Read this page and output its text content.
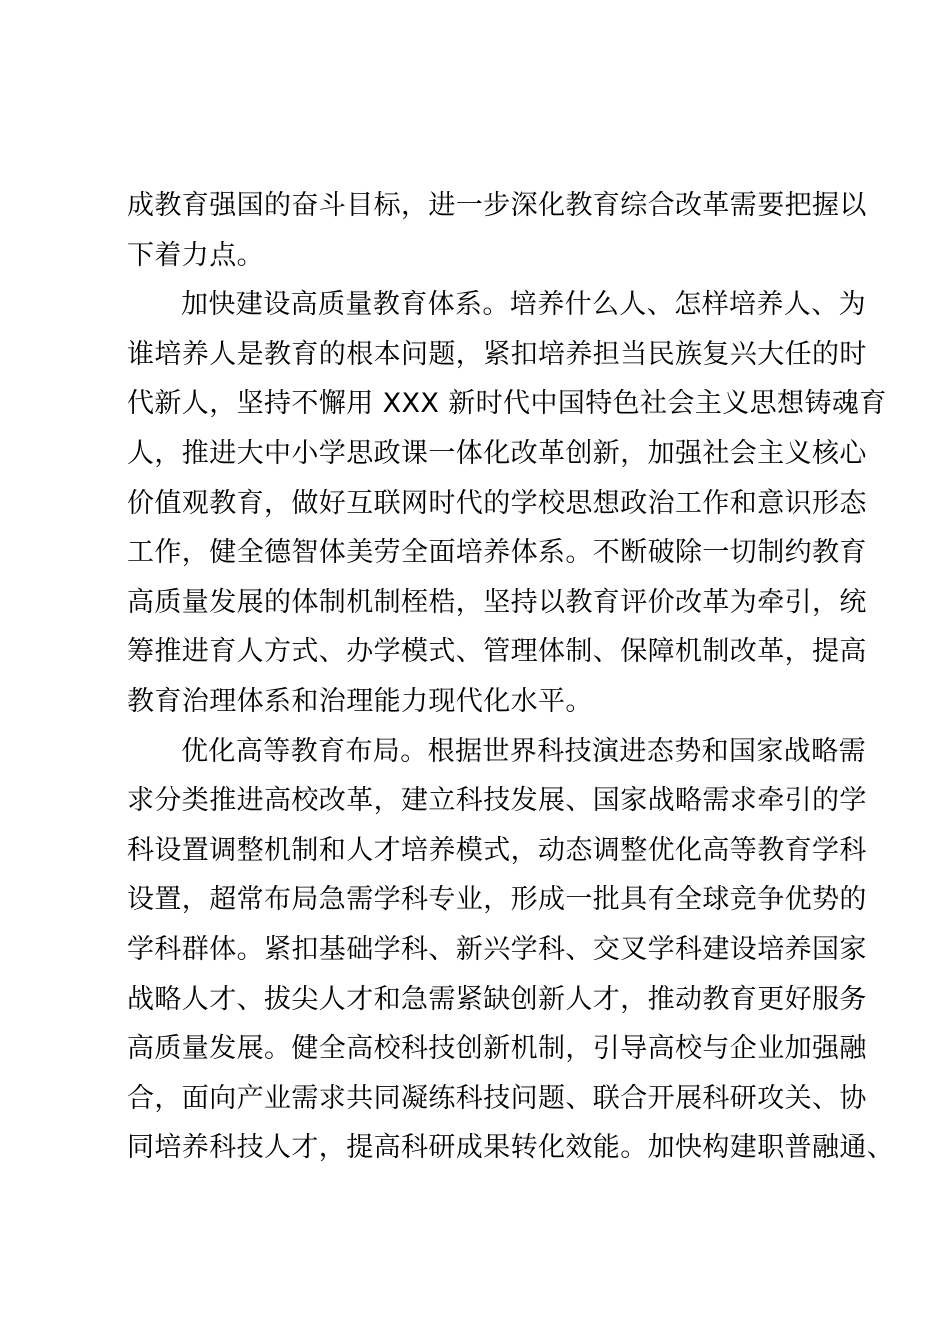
成教育强国的奋斗目标，进一步深化教育综合改革需要把握以
下着力点。
加快建设高质量教育体系。培养什么人、怎样培养人、为
谁培养人是教育的根本问题，紧扣培养担当民族复兴大任的时
代新人，坚持不懈用 XXX 新时代中国特色社会主义思想铸魂育
人，推进大中小学思政课一体化改革创新，加强社会主义核心
价值观教育，做好互联网时代的学校思想政治工作和意识形态
工作，健全德智体美劳全面培养体系。不断破除一切制约教育
高质量发展的体制机制桎梏，坚持以教育评价改革为牵引，统
筹推进育人方式、办学模式、管理体制、保障机制改革，提高
教育治理体系和治理能力现代化水平。
优化高等教育布局。根据世界科技演进态势和国家战略需
求分类推进高校改革，建立科技发展、国家战略需求牵引的学
科设置调整机制和人才培养模式，动态调整优化高等教育学科
设置，超常布局急需学科专业，形成一批具有全球竞争优势的
学科群体。紧扣基础学科、新兴学科、交叉学科建设培养国家
战略人才、拔尖人才和急需紧缺创新人才，推动教育更好服务
高质量发展。健全高校科技创新机制，引导高校与企业加强融
合，面向产业需求共同凝练科技问题、联合开展科研攻关、协
同培养科技人才，提高科研成果转化效能。加快构建职普融通、
